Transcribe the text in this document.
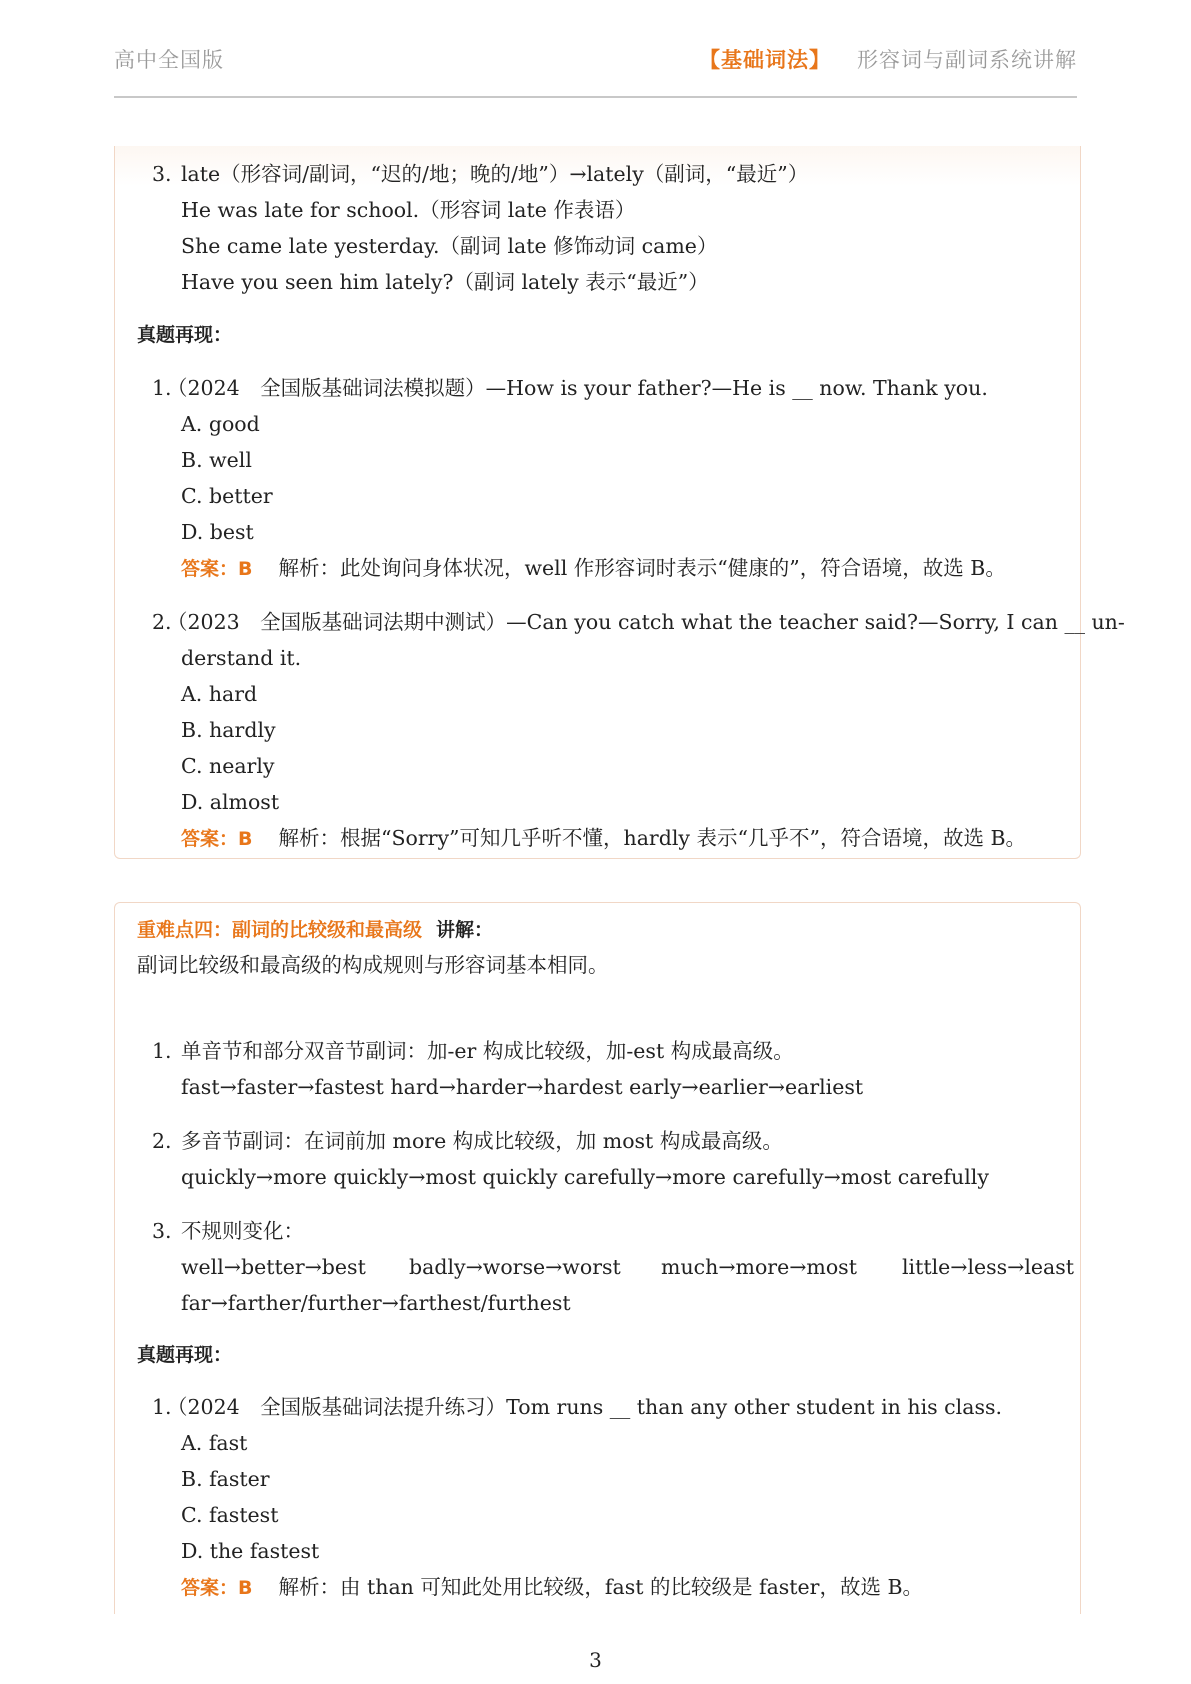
高中全国版	【基础词法】 形容词与副词系统讲解
3. late（形容词/副词，“迟的/地；晚的/地”）→lately（副词，“最近”）
He was late for school.（形容词 late 作表语）
She came late yesterday.（副词 late 修饰动词 came）
Have you seen him lately?（副词 lately 表示“最近”）
真题再现：
1.
（2024　全国版基础词法模拟题）—How is your father?—He is __ now. Thank you.
A. good
B. well
C. better
D. best
答案：B 解析：此处询问身体状况，well 作形容词时表示“健康的”，符合语境，故选 B。
2.
（2023　全国版基础词法期中测试）—Can you catch what the teacher said?—Sorry, I can __ un-
derstand it.
A. hard
B. hardly
C. nearly
D. almost
答案：B 解析：根据“Sorry”可知几乎听不懂，hardly 表示“几乎不”，符合语境，故选 B。
重难点四：副词的比较级和最高级 讲解：
副词比较级和最高级的构成规则与形容词基本相同。
1. 单音节和部分双音节副词：加-er 构成比较级，加-est 构成最高级。
fast→faster→fastest hard→harder→hardest early→earlier→earliest
2. 多音节副词：在词前加 more 构成比较级，加 most 构成最高级。
quickly→more quickly→most quickly carefully→more carefully→most carefully
3. 不规则变化：
well→better→best badly→worse→worst much→more→most little→less→least
far→farther/further→farthest/furthest
真题再现：
1.
（2024　全国版基础词法提升练习）Tom runs __ than any other student in his class.
A. fast
B. faster
C. fastest
D. the fastest
答案：B 解析：由 than 可知此处用比较级，fast 的比较级是 faster，故选 B。
3
